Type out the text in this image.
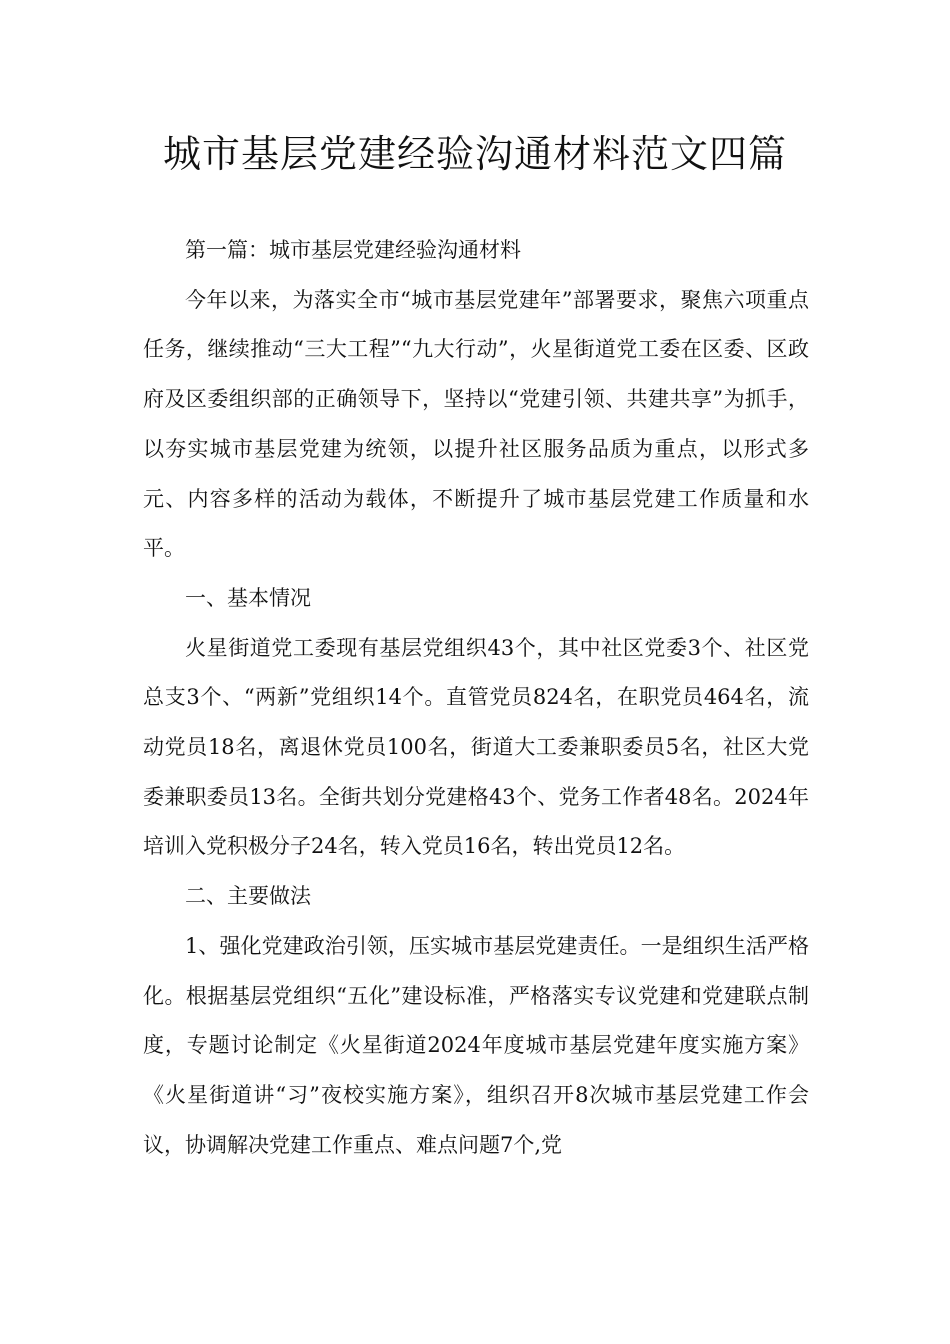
城市基层党建经验沟通材料范文四篇

第一篇：城市基层党建经验沟通材料

今年以来，为落实全市“城市基层党建年”部署要求，聚焦六项重点任务，继续推动“三大工程”“九大行动”，火星街道党工委在区委、区政府及区委组织部的正确领导下，坚持以“党建引领、共建共享”为抓手，以夯实城市基层党建为统领，以提升社区服务品质为重点，以形式多元、内容多样的活动为载体，不断提升了城市基层党建工作质量和水平。

一、基本情况

火星街道党工委现有基层党组织43个，其中社区党委3个、社区党总支3个、“两新”党组织14个。直管党员824名，在职党员464名，流动党员18名，离退休党员100名，街道大工委兼职委员5名，社区大党委兼职委员13名。全街共划分党建格43个、党务工作者48名。2024年培训入党积极分子24名，转入党员16名，转出党员12名。

二、主要做法

1、强化党建政治引领，压实城市基层党建责任。一是组织生活严格化。根据基层党组织“五化”建设标准，严格落实专议党建和党建联点制度，专题讨论制定《火星街道2024年度城市基层党建年度实施方案》《火星街道讲“习”夜校实施方案》，组织召开8次城市基层党建工作会议，协调解决党建工作重点、难点问题7个,党
